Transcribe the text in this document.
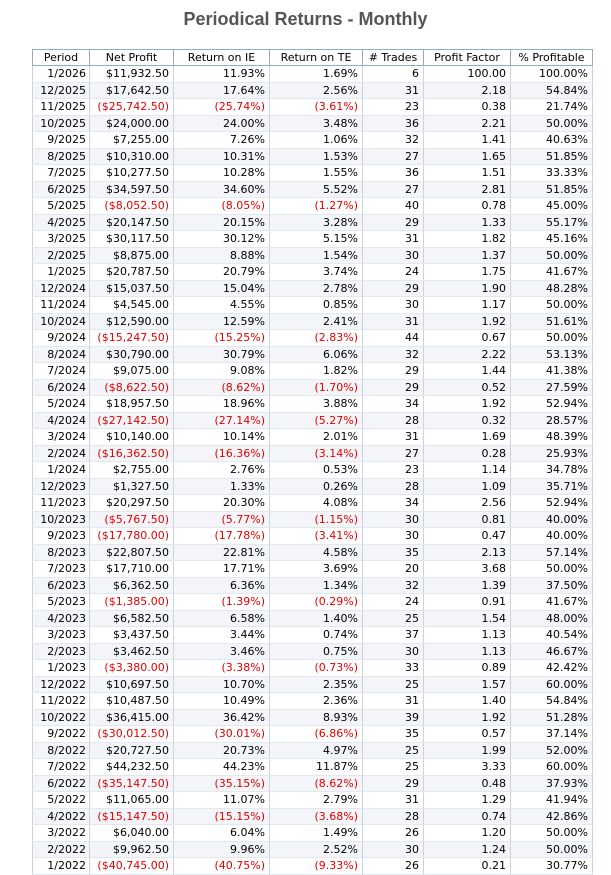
Periodical Returns - Monthly
Period	Net Profit	Return on IE	Return on TE	# Trades	Profit Factor	% Profitable
1/2026	$11,932.50	11.93%	1.69%	6	100.00	100.00%
12/2025	$17,642.50	17.64%	2.56%	31	2.18	54.84%
11/2025	($25,742.50)	(25.74%)	(3.61%)	23	0.38	21.74%
10/2025	$24,000.00	24.00%	3.48%	36	2.21	50.00%
9/2025	$7,255.00	7.26%	1.06%	32	1.41	40.63%
8/2025	$10,310.00	10.31%	1.53%	27	1.65	51.85%
7/2025	$10,277.50	10.28%	1.55%	36	1.51	33.33%
6/2025	$34,597.50	34.60%	5.52%	27	2.81	51.85%
5/2025	($8,052.50)	(8.05%)	(1.27%)	40	0.78	45.00%
4/2025	$20,147.50	20.15%	3.28%	29	1.33	55.17%
3/2025	$30,117.50	30.12%	5.15%	31	1.82	45.16%
2/2025	$8,875.00	8.88%	1.54%	30	1.37	50.00%
1/2025	$20,787.50	20.79%	3.74%	24	1.75	41.67%
12/2024	$15,037.50	15.04%	2.78%	29	1.90	48.28%
11/2024	$4,545.00	4.55%	0.85%	30	1.17	50.00%
10/2024	$12,590.00	12.59%	2.41%	31	1.92	51.61%
9/2024	($15,247.50)	(15.25%)	(2.83%)	44	0.67	50.00%
8/2024	$30,790.00	30.79%	6.06%	32	2.22	53.13%
7/2024	$9,075.00	9.08%	1.82%	29	1.44	41.38%
6/2024	($8,622.50)	(8.62%)	(1.70%)	29	0.52	27.59%
5/2024	$18,957.50	18.96%	3.88%	34	1.92	52.94%
4/2024	($27,142.50)	(27.14%)	(5.27%)	28	0.32	28.57%
3/2024	$10,140.00	10.14%	2.01%	31	1.69	48.39%
2/2024	($16,362.50)	(16.36%)	(3.14%)	27	0.28	25.93%
1/2024	$2,755.00	2.76%	0.53%	23	1.14	34.78%
12/2023	$1,327.50	1.33%	0.26%	28	1.09	35.71%
11/2023	$20,297.50	20.30%	4.08%	34	2.56	52.94%
10/2023	($5,767.50)	(5.77%)	(1.15%)	30	0.81	40.00%
9/2023	($17,780.00)	(17.78%)	(3.41%)	30	0.47	40.00%
8/2023	$22,807.50	22.81%	4.58%	35	2.13	57.14%
7/2023	$17,710.00	17.71%	3.69%	20	3.68	50.00%
6/2023	$6,362.50	6.36%	1.34%	32	1.39	37.50%
5/2023	($1,385.00)	(1.39%)	(0.29%)	24	0.91	41.67%
4/2023	$6,582.50	6.58%	1.40%	25	1.54	48.00%
3/2023	$3,437.50	3.44%	0.74%	37	1.13	40.54%
2/2023	$3,462.50	3.46%	0.75%	30	1.13	46.67%
1/2023	($3,380.00)	(3.38%)	(0.73%)	33	0.89	42.42%
12/2022	$10,697.50	10.70%	2.35%	25	1.57	60.00%
11/2022	$10,487.50	10.49%	2.36%	31	1.40	54.84%
10/2022	$36,415.00	36.42%	8.93%	39	1.92	51.28%
9/2022	($30,012.50)	(30.01%)	(6.86%)	35	0.57	37.14%
8/2022	$20,727.50	20.73%	4.97%	25	1.99	52.00%
7/2022	$44,232.50	44.23%	11.87%	25	3.33	60.00%
6/2022	($35,147.50)	(35.15%)	(8.62%)	29	0.48	37.93%
5/2022	$11,065.00	11.07%	2.79%	31	1.29	41.94%
4/2022	($15,147.50)	(15.15%)	(3.68%)	28	0.74	42.86%
3/2022	$6,040.00	6.04%	1.49%	26	1.20	50.00%
2/2022	$9,962.50	9.96%	2.52%	30	1.24	50.00%
1/2022	($40,745.00)	(40.75%)	(9.33%)	26	0.21	30.77%
